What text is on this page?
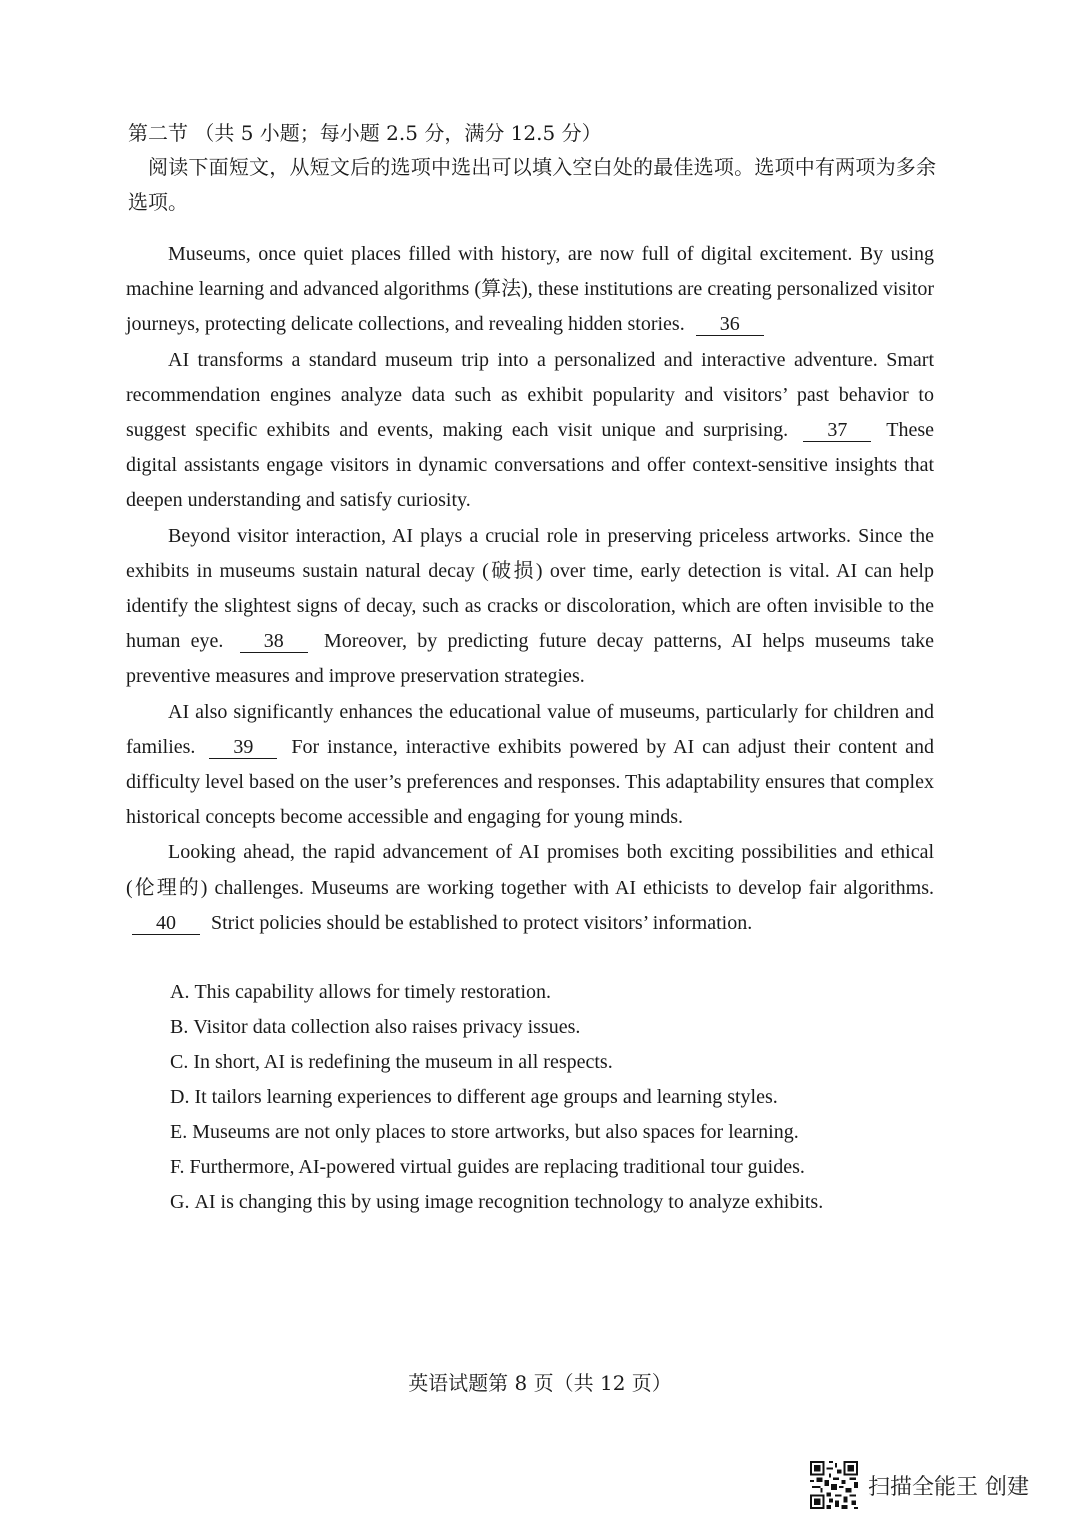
第二节 （共 5 小题；每小题 2.5 分，满分 12.5 分）
阅读下面短文，从短文后的选项中选出可以填入空白处的最佳选项。选项中有两项为多余选项。

Museums, once quiet places filled with history, are now full of digital excitement. By using machine learning and advanced algorithms (算法), these institutions are creating personalized visitor journeys, protecting delicate collections, and revealing hidden stories. 36

AI transforms a standard museum trip into a personalized and interactive adventure. Smart recommendation engines analyze data such as exhibit popularity and visitors’ past behavior to suggest specific exhibits and events, making each visit unique and surprising. 37 These digital assistants engage visitors in dynamic conversations and offer context-sensitive insights that deepen understanding and satisfy curiosity.

Beyond visitor interaction, AI plays a crucial role in preserving priceless artworks. Since the exhibits in museums sustain natural decay (破损) over time, early detection is vital. AI can help identify the slightest signs of decay, such as cracks or discoloration, which are often invisible to the human eye. 38 Moreover, by predicting future decay patterns, AI helps museums take preventive measures and improve preservation strategies.

AI also significantly enhances the educational value of museums, particularly for children and families. 39 For instance, interactive exhibits powered by AI can adjust their content and difficulty level based on the user’s preferences and responses. This adaptability ensures that complex historical concepts become accessible and engaging for young minds.

Looking ahead, the rapid advancement of AI promises both exciting possibilities and ethical (伦理的) challenges. Museums are working together with AI ethicists to develop fair algorithms. 40 Strict policies should be established to protect visitors’ information.

A. This capability allows for timely restoration.
B. Visitor data collection also raises privacy issues.
C. In short, AI is redefining the museum in all respects.
D. It tailors learning experiences to different age groups and learning styles.
E. Museums are not only places to store artworks, but also spaces for learning.
F. Furthermore, AI-powered virtual guides are replacing traditional tour guides.
G. AI is changing this by using image recognition technology to analyze exhibits.
英语试题第 8 页（共 12 页）
扫描全能王 创建
